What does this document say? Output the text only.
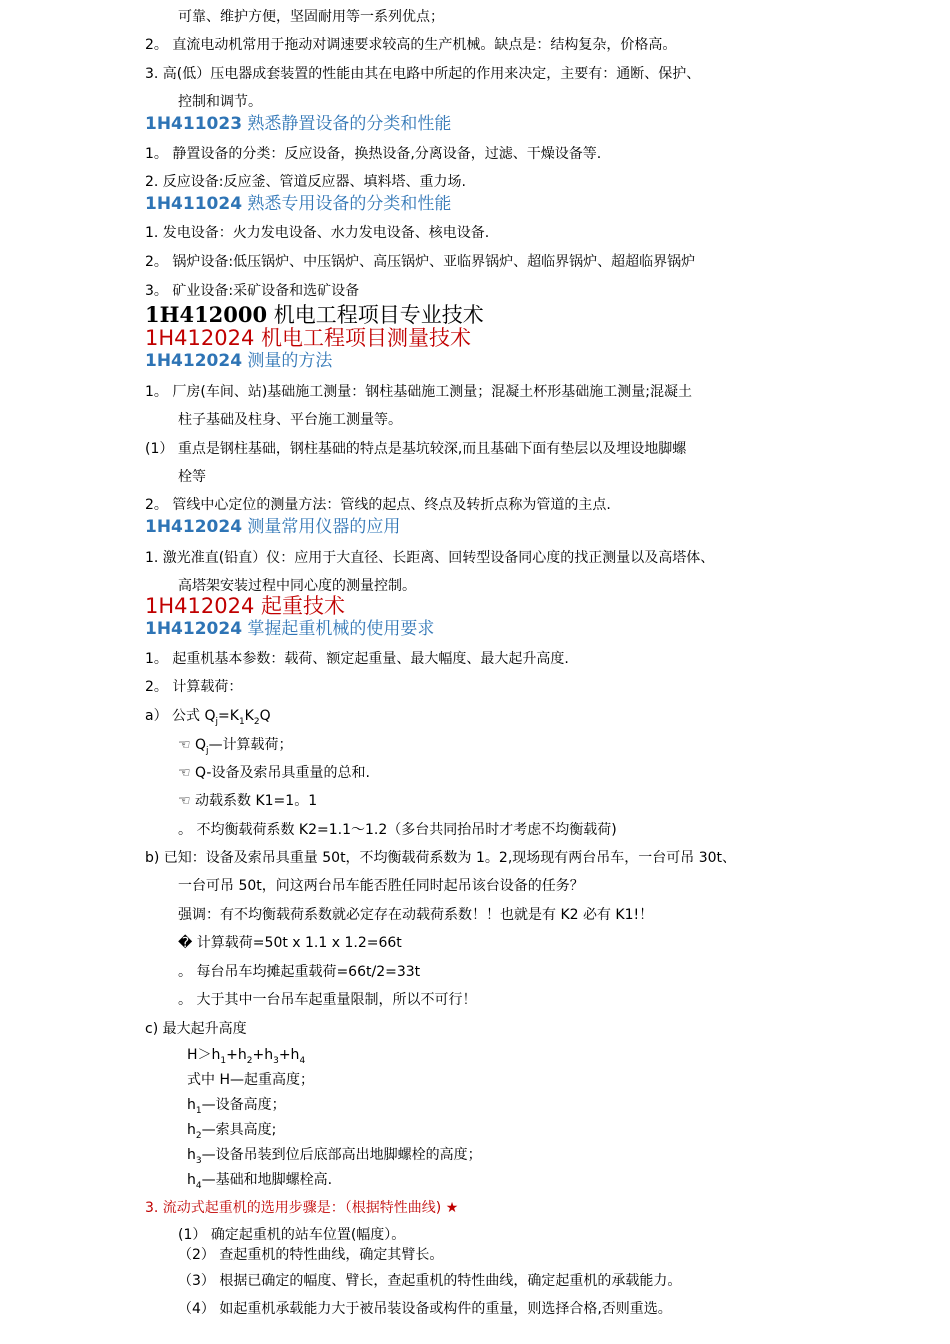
可靠、维护方便，坚固耐用等一系列优点；
2。 直流电动机常用于拖动对调速要求较高的生产机械。缺点是：结构复杂，价格高。
3. 高(低）压电器成套装置的性能由其在电路中所起的作用来决定，主要有：通断、保护、
控制和调节。
1H411023 熟悉静置设备的分类和性能
1。 静置设备的分类：反应设备，换热设备,分离设备，过滤、干燥设备等.
2. 反应设备:反应釜、管道反应器、填料塔、重力场.
1H411024 熟悉专用设备的分类和性能
1. 发电设备：火力发电设备、水力发电设备、核电设备.
2。 锅炉设备:低压锅炉、中压锅炉、高压锅炉、亚临界锅炉、超临界锅炉、超超临界锅炉
3。 矿业设备:采矿设备和选矿设备
1H412000 机电工程项目专业技术
1H412024 机电工程项目测量技术
1H412024 测量的方法
1。 厂房(车间、站)基础施工测量：钢柱基础施工测量；混凝土杯形基础施工测量;混凝土
柱子基础及柱身、平台施工测量等。
(1） 重点是钢柱基础，钢柱基础的特点是基坑较深,而且基础下面有垫层以及埋设地脚螺
栓等
2。 管线中心定位的测量方法：管线的起点、终点及转折点称为管道的主点.
1H412024 测量常用仪器的应用
1. 激光准直(铅直）仪：应用于大直径、长距离、回转型设备同心度的找正测量以及高塔体、
高塔架安装过程中同心度的测量控制。
1H412024 起重技术
1H412024 掌握起重机械的使用要求
1。 起重机基本参数：载荷、额定起重量、最大幅度、最大起升高度.
2。 计算载荷：
a） 公式 $Q_j=K_1K_2Q$
☜ $Q_j—$计算载荷；
☜ Q-设备及索吊具重量的总和.
☜ 动载系数 K1=1。1
。 不均衡载荷系数 K2=1.1～1.2（多台共同抬吊时才考虑不均衡载荷)
b) 已知：设备及索吊具重量 50t，不均衡载荷系数为 1。2,现场现有两台吊车，一台可吊 30t、
一台可吊 50t，问这两台吊车能否胜任同时起吊该台设备的任务？
强调：有不均衡载荷系数就必定存在动载荷系数！！也就是有 K2 必有 K1!！
� 计算载荷=50t x 1.1 x 1.2=66t
。 每台吊车均摊起重载荷=66t/2=33t
。 大于其中一台吊车起重量限制，所以不可行！
c) 最大起升高度
$H>h_1+h_2+h_3+h_4$
式中 H—起重高度；
$h_1—$设备高度；
$h_2—$索具高度;
$h_3—$设备吊装到位后底部高出地脚螺栓的高度；
$h_4—$基础和地脚螺栓高.
3. 流动式起重机的选用步骤是：（根据特性曲线) ★
(1） 确定起重机的站车位置(幅度）。
（2） 查起重机的特性曲线，确定其臂长。
（3） 根据已确定的幅度、臂长，查起重机的特性曲线，确定起重机的承载能力。
（4） 如起重机承载能力大于被吊装设备或构件的重量，则选择合格,否则重选。
